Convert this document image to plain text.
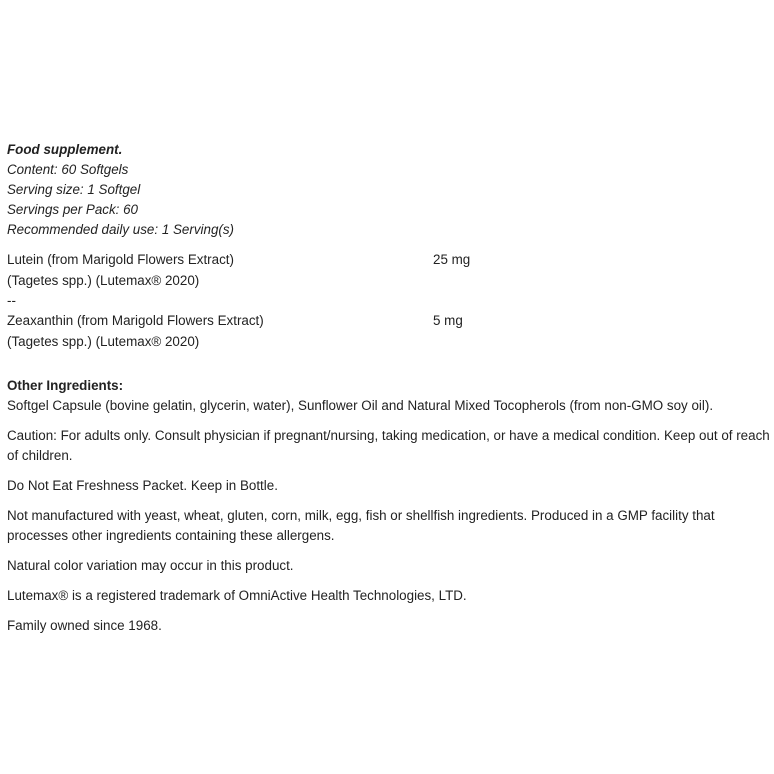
Food supplement.
Content: 60 Softgels
Serving size: 1 Softgel
Servings per Pack: 60
Recommended daily use: 1 Serving(s)
Lutein (from Marigold Flowers Extract)	25 mg
(Tagetes spp.) (Lutemax® 2020)
--
Zeaxanthin (from Marigold Flowers Extract)	5 mg
(Tagetes spp.) (Lutemax® 2020)
Other Ingredients:
Softgel Capsule (bovine gelatin, glycerin, water), Sunflower Oil and Natural Mixed Tocopherols (from non-GMO soy oil).
Caution: For adults only. Consult physician if pregnant/nursing, taking medication, or have a medical condition. Keep out of reach of children.
Do Not Eat Freshness Packet. Keep in Bottle.
Not manufactured with yeast, wheat, gluten, corn, milk, egg, fish or shellfish ingredients. Produced in a GMP facility that processes other ingredients containing these allergens.
Natural color variation may occur in this product.
Lutemax® is a registered trademark of OmniActive Health Technologies, LTD.
Family owned since 1968.
